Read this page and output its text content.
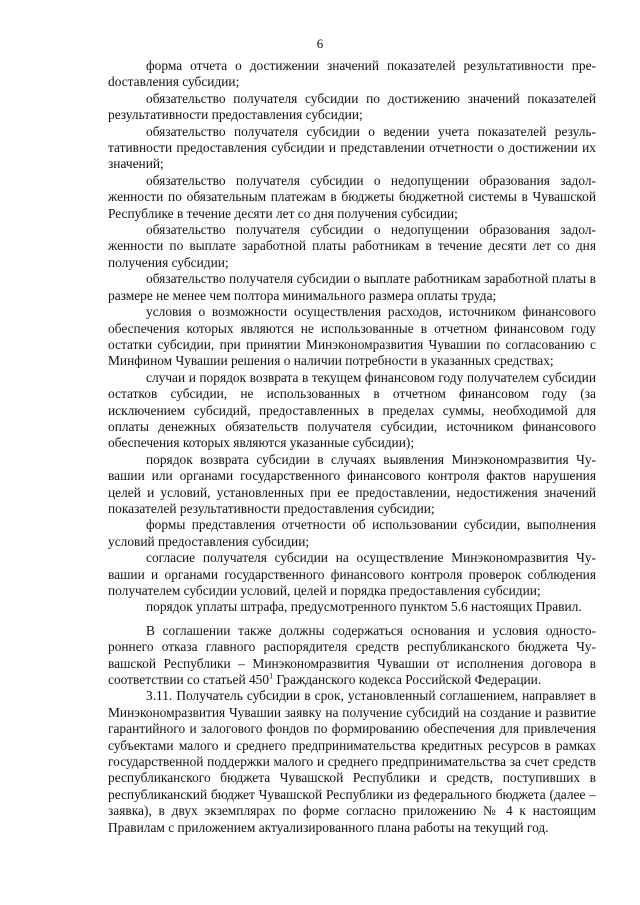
6

форма отчета о достижении значений показателей результативности преdоставления субсидии;

обязательство получателя субсидии по достижению значений показателей результативности предоставления субсидии;

обязательство получателя субсидии о ведении учета показателей результативности предоставления субсидии и представлении отчетности о достижении их значений;

обязательство получателя субсидии о недопущении образования задолженности по обязательным платежам в бюджеты бюджетной системы в Чувашской Республике в течение десяти лет со дня получения субсидии;

обязательство получателя субсидии о недопущении образования задолженности по выплате заработной платы работникам в течение десяти лет со дня получения субсидии;

обязательство получателя субсидии о выплате работникам заработной платы в размере не менее чем полтора минимального размера оплаты труда;

условия о возможности осуществления расходов, источником финансового обеспечения которых являются не использованные в отчетном финансовом году остатки субсидии, при принятии Минэкономразвития Чувашии по согласованию с Минфином Чувашии решения о наличии потребности в указанных средствах;

случаи и порядок возврата в текущем финансовом году получателем субсидии остатков субсидии, не использованных в отчетном финансовом году (за исключением субсидий, предоставленных в пределах суммы, необходимой для оплаты денежных обязательств получателя субсидии, источником финансового обеспечения которых являются указанные субсидии);

порядок возврата субсидии в случаях выявления Минэкономразвития Чувашии или органами государственного финансового контроля фактов нарушения целей и условий, установленных при ее предоставлении, недостижения значений показателей результативности предоставления субсидии;

формы представления отчетности об использовании субсидии, выполнения условий предоставления субсидии;

согласие получателя субсидии на осуществление Минэкономразвития Чувашии и органами государственного финансового контроля проверок соблюдения получателем субсидии условий, целей и порядка предоставления субсидии;

порядок уплаты штрафа, предусмотренного пунктом 5.6 настоящих Правил.

В соглашении также должны содержаться основания и условия одностороннего отказа главного распорядителя средств республиканского бюджета Чувашской Республики – Минэкономразвития Чувашии от исполнения договора в соответствии со статьей $450^1$ Гражданского кодекса Российской Федерации.

3.11. Получатель субсидии в срок, установленный соглашением, направляет в Минэкономразвития Чувашии заявку на получение субсидий на создание и развитие гарантийного и залогового фондов по формированию обеспечения для привлечения субъектами малого и среднего предпринимательства кредитных ресурсов в рамках государственной поддержки малого и среднего предпринимательства за счет средств республиканского бюджета Чувашской Республики и средств, поступивших в республиканский бюджет Чувашской Республики из федерального бюджета (далее – заявка), в двух экземплярах по форме согласно приложению № 4 к настоящим Правилам с приложением актуализированного плана работы на текущий год.
